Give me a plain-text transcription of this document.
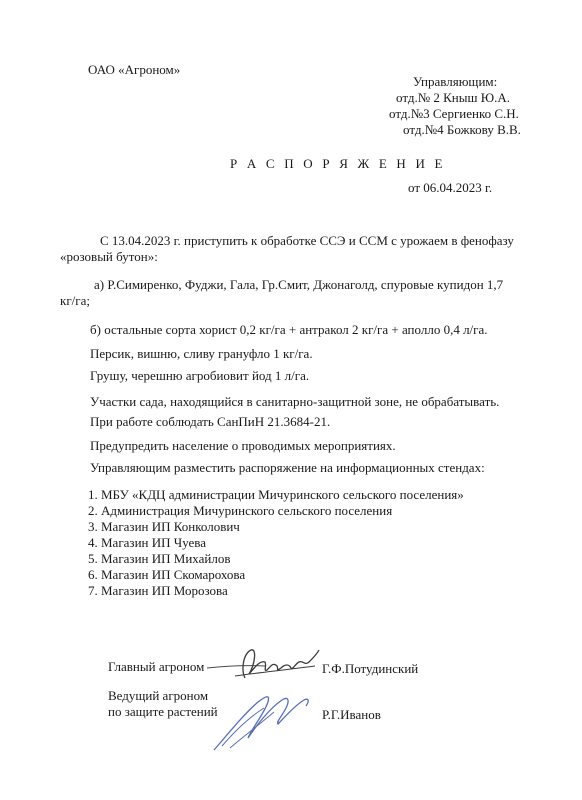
ОАО «Агроном»
Управляющим:
отд.№ 2 Кныш Ю.А.
отд.№3 Сергиенко С.Н.
отд.№4 Божкову В.В.
Р А С П О Р Я Ж Е Н И Е
от 06.04.2023 г.
С 13.04.2023 г. приступить к обработке ССЭ и ССМ с урожаем в фенофазу
«розовый бутон»:
а) Р.Симиренко, Фуджи, Гала, Гр.Смит, Джонаголд, спуровые купидон 1,7
кг/га;
б) остальные сорта хорист 0,2 кг/га + антракол 2 кг/га + аполло 0,4 л/га.
Персик, вишню, сливу грануфло 1 кг/га.
Грушу, черешню агробиовит йод 1 л/га.
Участки сада, находящийся в санитарно-защитной зоне, не обрабатывать.
При работе соблюдать СанПиН 21.3684-21.
Предупредить население о проводимых мероприятиях.
Управляющим разместить распоряжение на информационных стендах:
1. МБУ «КДЦ администрации Мичуринского сельского поселения»
2. Администрация Мичуринского сельского поселения
3. Магазин ИП Конколович
4. Магазин ИП Чуева
5. Магазин ИП Михайлов
6. Магазин ИП Скомарохова
7. Магазин ИП Морозова
Главный агроном	Г.Ф.Потудинский
Ведущий агроном
по защите растений	Р.Г.Иванов
